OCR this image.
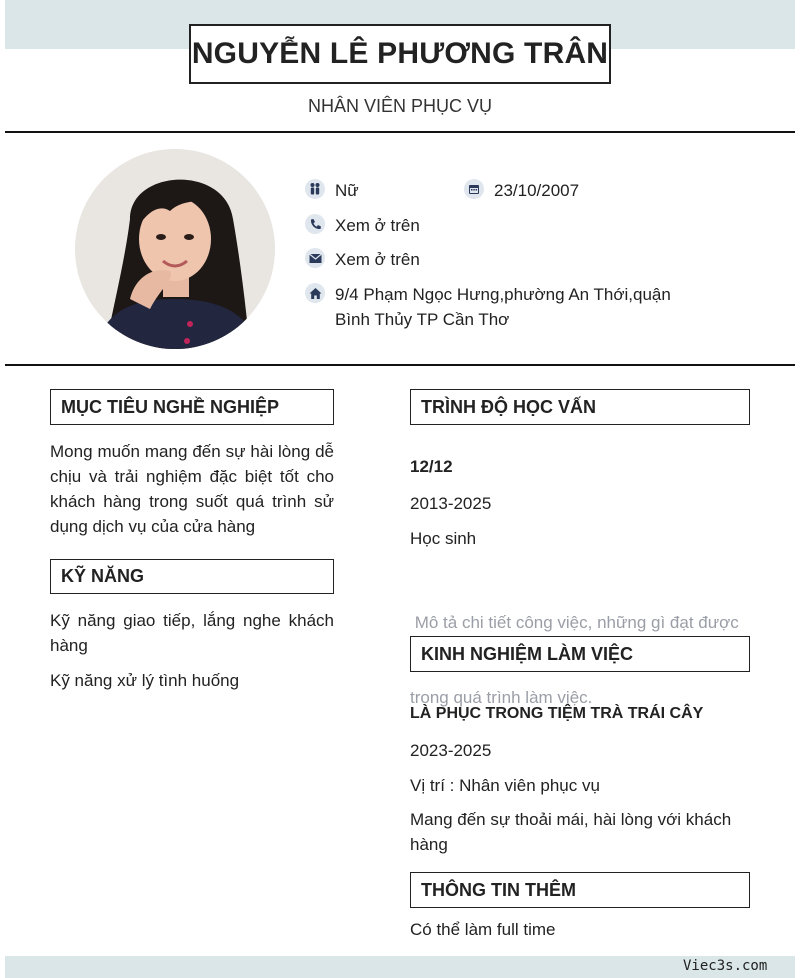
NGUYỄN LÊ PHƯƠNG TRÂN
NHÂN VIÊN PHỤC VỤ
Nữ	23/10/2007
Xem ở trên
Xem ở trên
9/4 Phạm Ngọc Hưng,phường An Thới,quận
Bình Thủy TP Cần Thơ
MỤC TIÊU NGHỀ NGHIỆP
Mong muốn mang đến sự hài lòng dễ
chịu và trải nghiệm đặc biệt tốt cho
khách hàng trong suốt quá trình sử
dụng dịch vụ của cửa hàng
KỸ NĂNG
Kỹ năng giao tiếp, lắng nghe khách
hàng
Kỹ năng xử lý tình huống
TRÌNH ĐỘ HỌC VẤN
12/12
2013-2025
Học sinh

Mô tả chi tiết công việc, những gì đạt được

trong quá trình làm việc.

KINH NGHIỆM LÀM VIỆC
LÀ PHỤC TRONG TIỆM TRÀ TRÁI CÂY
2023-2025
Vị trí : Nhân viên phục vụ
Mang đến sự thoải mái, hài lòng với khách
hàng
THÔNG TIN THÊM
Có thể làm full time
Viec3s.com
